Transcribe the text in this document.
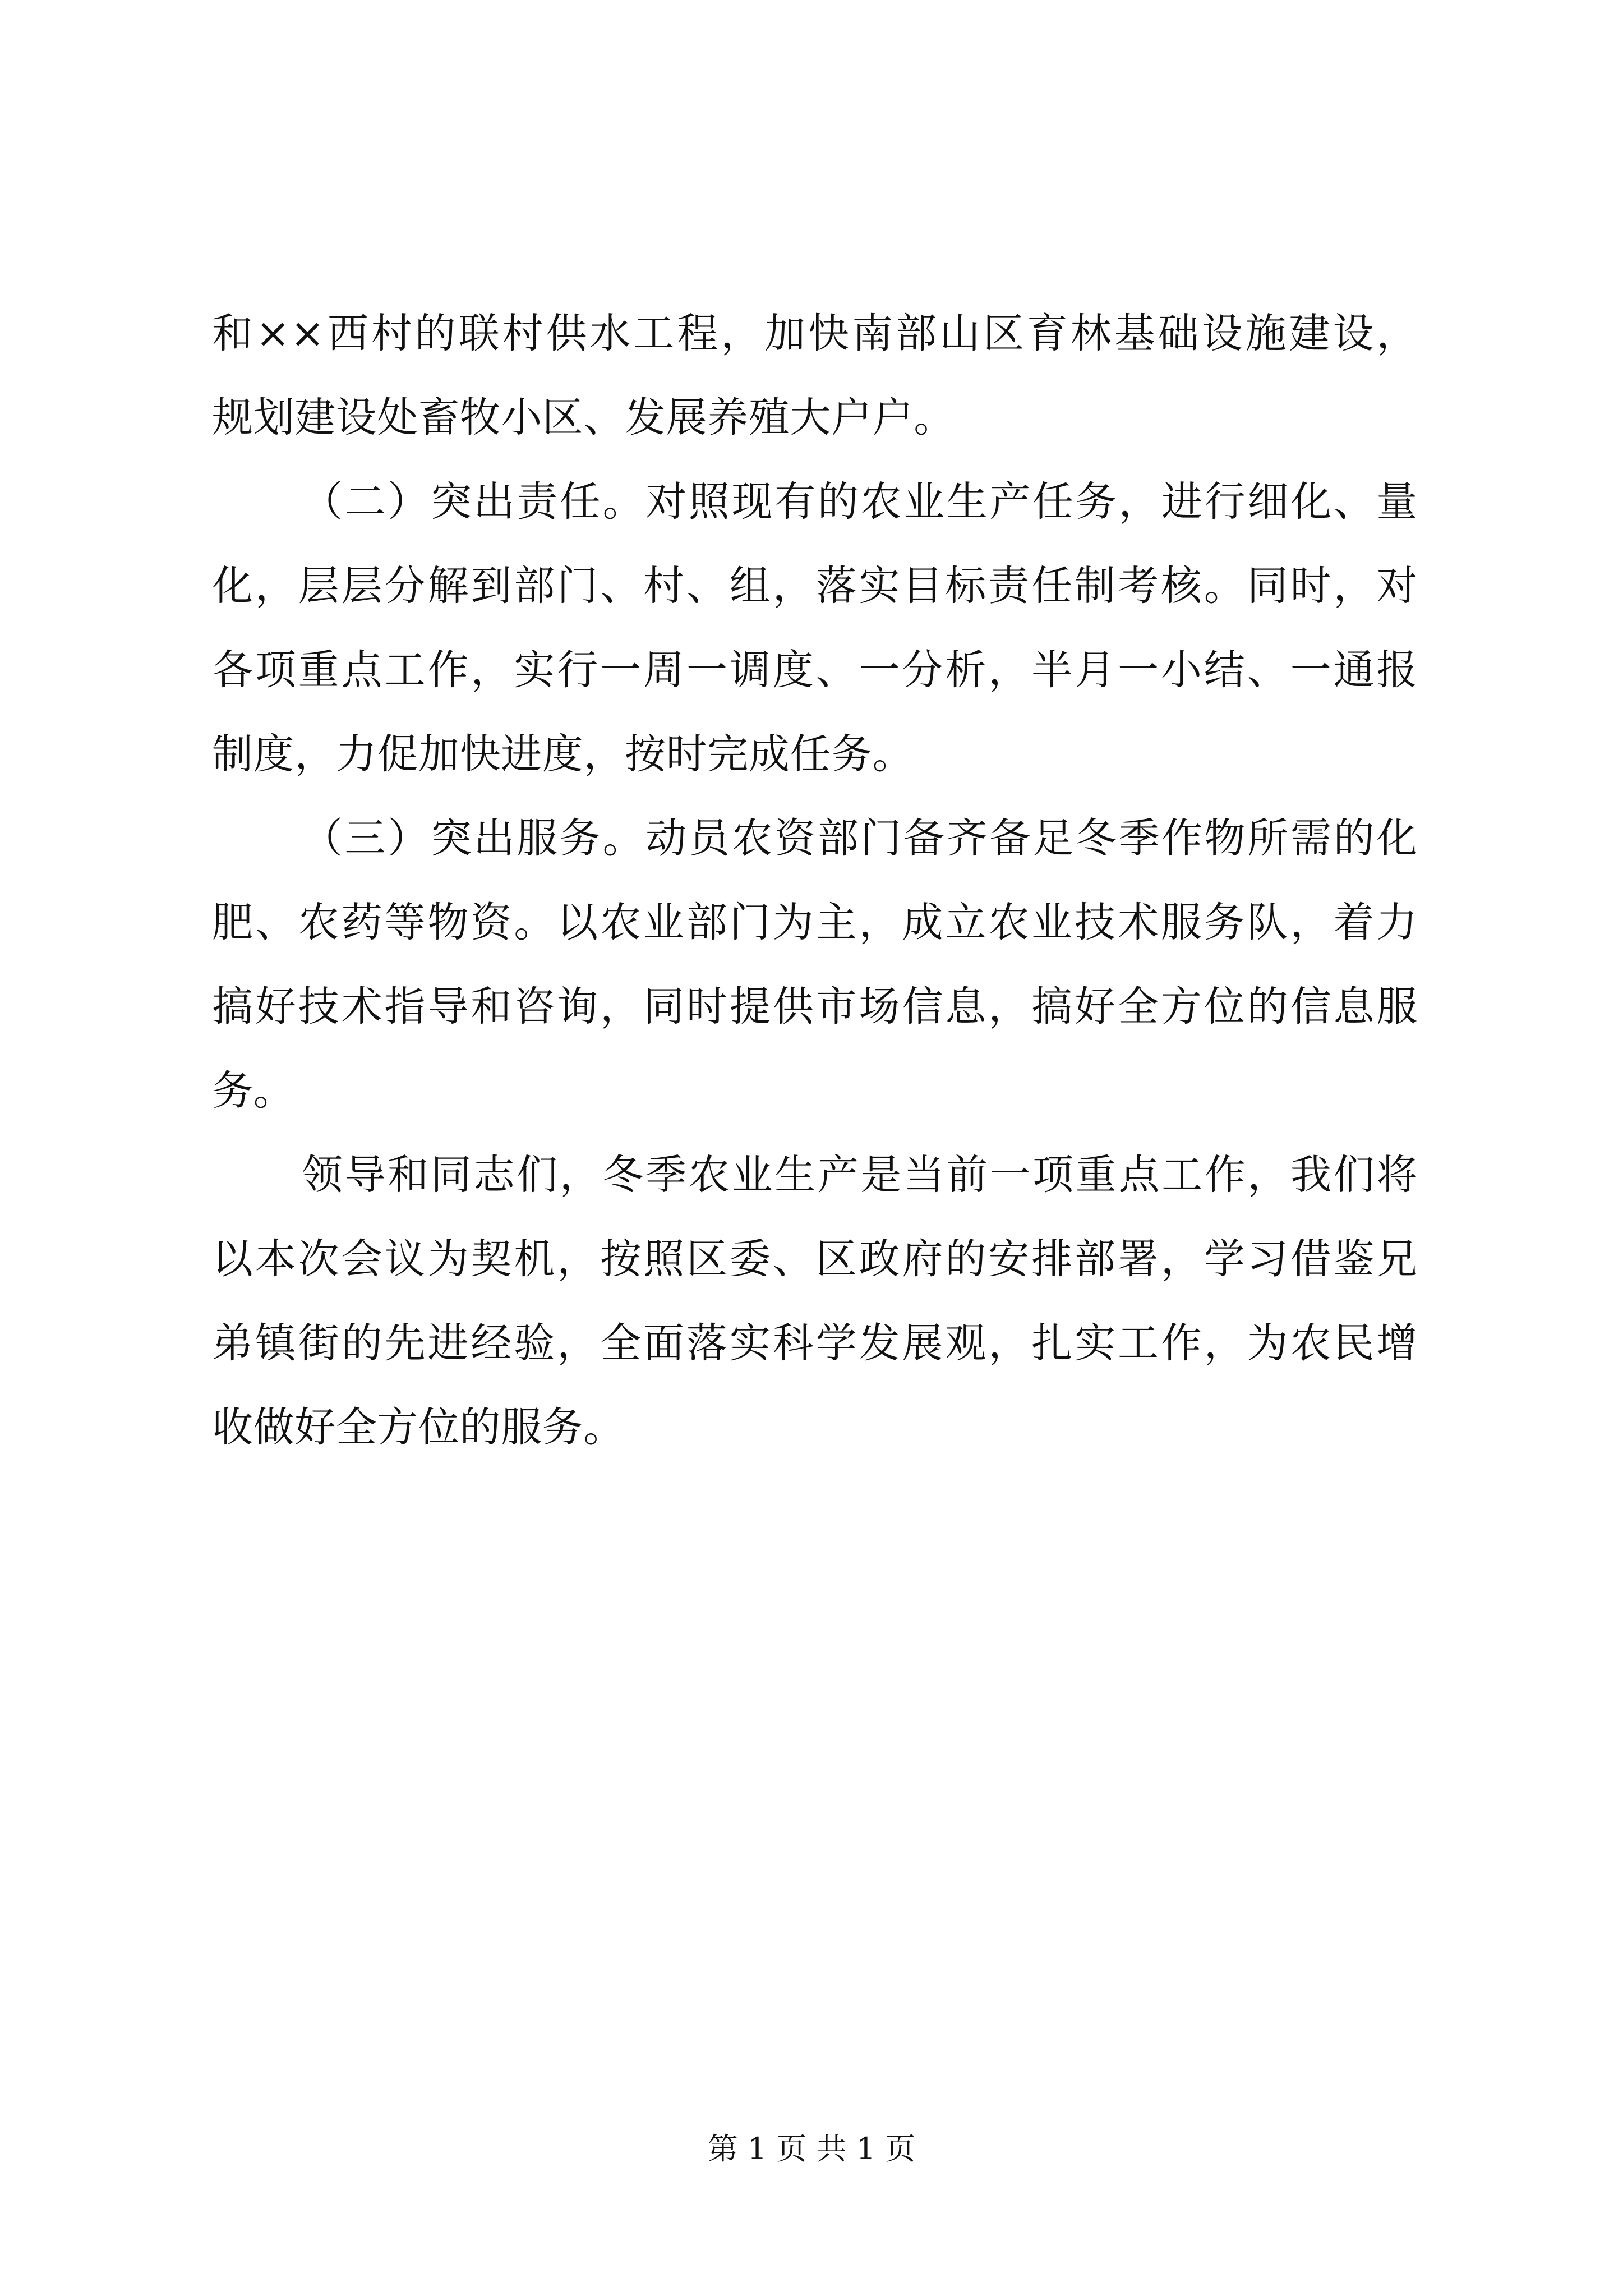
和××西村的联村供水工程，加快南部山区育林基础设施建设，
规划建设处畜牧小区、发展养殖大户户。
（二）突出责任。对照现有的农业生产任务，进行细化、量
化，层层分解到部门、村、组，落实目标责任制考核。同时，对
各项重点工作，实行一周一调度、一分析，半月一小结、一通报
制度，力促加快进度，按时完成任务。
（三）突出服务。动员农资部门备齐备足冬季作物所需的化
肥、农药等物资。以农业部门为主，成立农业技术服务队，着力
搞好技术指导和咨询，同时提供市场信息，搞好全方位的信息服
务。
领导和同志们，冬季农业生产是当前一项重点工作，我们将
以本次会议为契机，按照区委、区政府的安排部署，学习借鉴兄
弟镇街的先进经验，全面落实科学发展观，扎实工作，为农民增
收做好全方位的服务。
第 1 页 共 1 页
